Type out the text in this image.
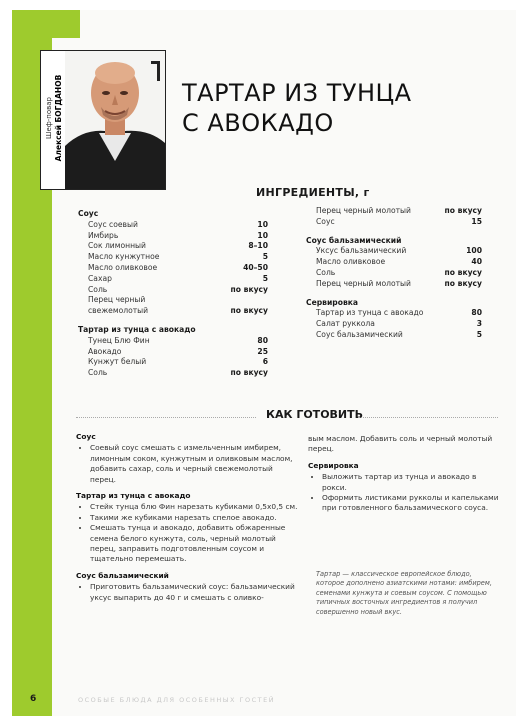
Шеф-повар Алексей БОГДАНОВ	ТАРТАР ИЗ ТУНЦА
С АВОКАДО
ИНГРЕДИЕНТЫ, г
Соус
Соус соевый	10
Имбирь	10
Сок лимонный	8–10
Масло кунжутное	5
Масло оливковое	40–50
Сахар	5
Соль	по вкусу
Перец черный
свежемолотый	по вкусу
Тартар из тунца с авокадо
Тунец Блю Фин	80
Авокадо	25
Кунжут белый	6
Соль	по вкусу
Перец черный молотый	по вкусу
Соус	15
Соус бальзамический
Уксус бальзамический	100
Масло оливковое	40
Соль	по вкусу
Перец черный молотый	по вкусу
Сервировка
Тартар из тунца с авокадо	80
Салат руккола	3
Соус бальзамический	5
КАК ГОТОВИТЬ
Соус
• Соевый соус смешать с измельченным имбирем, лимонным соком, кунжутным и оливковым маслом, добавить сахар, соль и черный свежемолотый перец.
Тартар из тунца с авокадо
• Стейк тунца блю Фин нарезать кубиками 0,5х0,5 см.
• Такими же кубиками нарезать спелое авокадо.
• Смешать тунца и авокадо, добавить обжаренные семена белого кунжута, соль, черный молотый перец, заправить подготовленным соусом и тщательно перемешать.
Соус бальзамический
• Приготовить бальзамический соус: бальзамический уксус выпарить до 40 г и смешать с оливко-

вым маслом. Добавить соль и черный молотый перец.

Сервировка
• Выложить тартар из тунца и авокадо в рокси.
• Оформить листиками рукколы и капельками при готовленного бальзамического соуса.
Тартар — классическое европейское блюдо, которое дополнено азиатскими нотами: имбирем, семенами кунжута и соевым соусом. С помощью типичных восточных ингредиентов я получил совершенно новый вкус.
6	ОСОБЫЕ БЛЮДА ДЛЯ ОСОБЕННЫХ ГОСТЕЙ
